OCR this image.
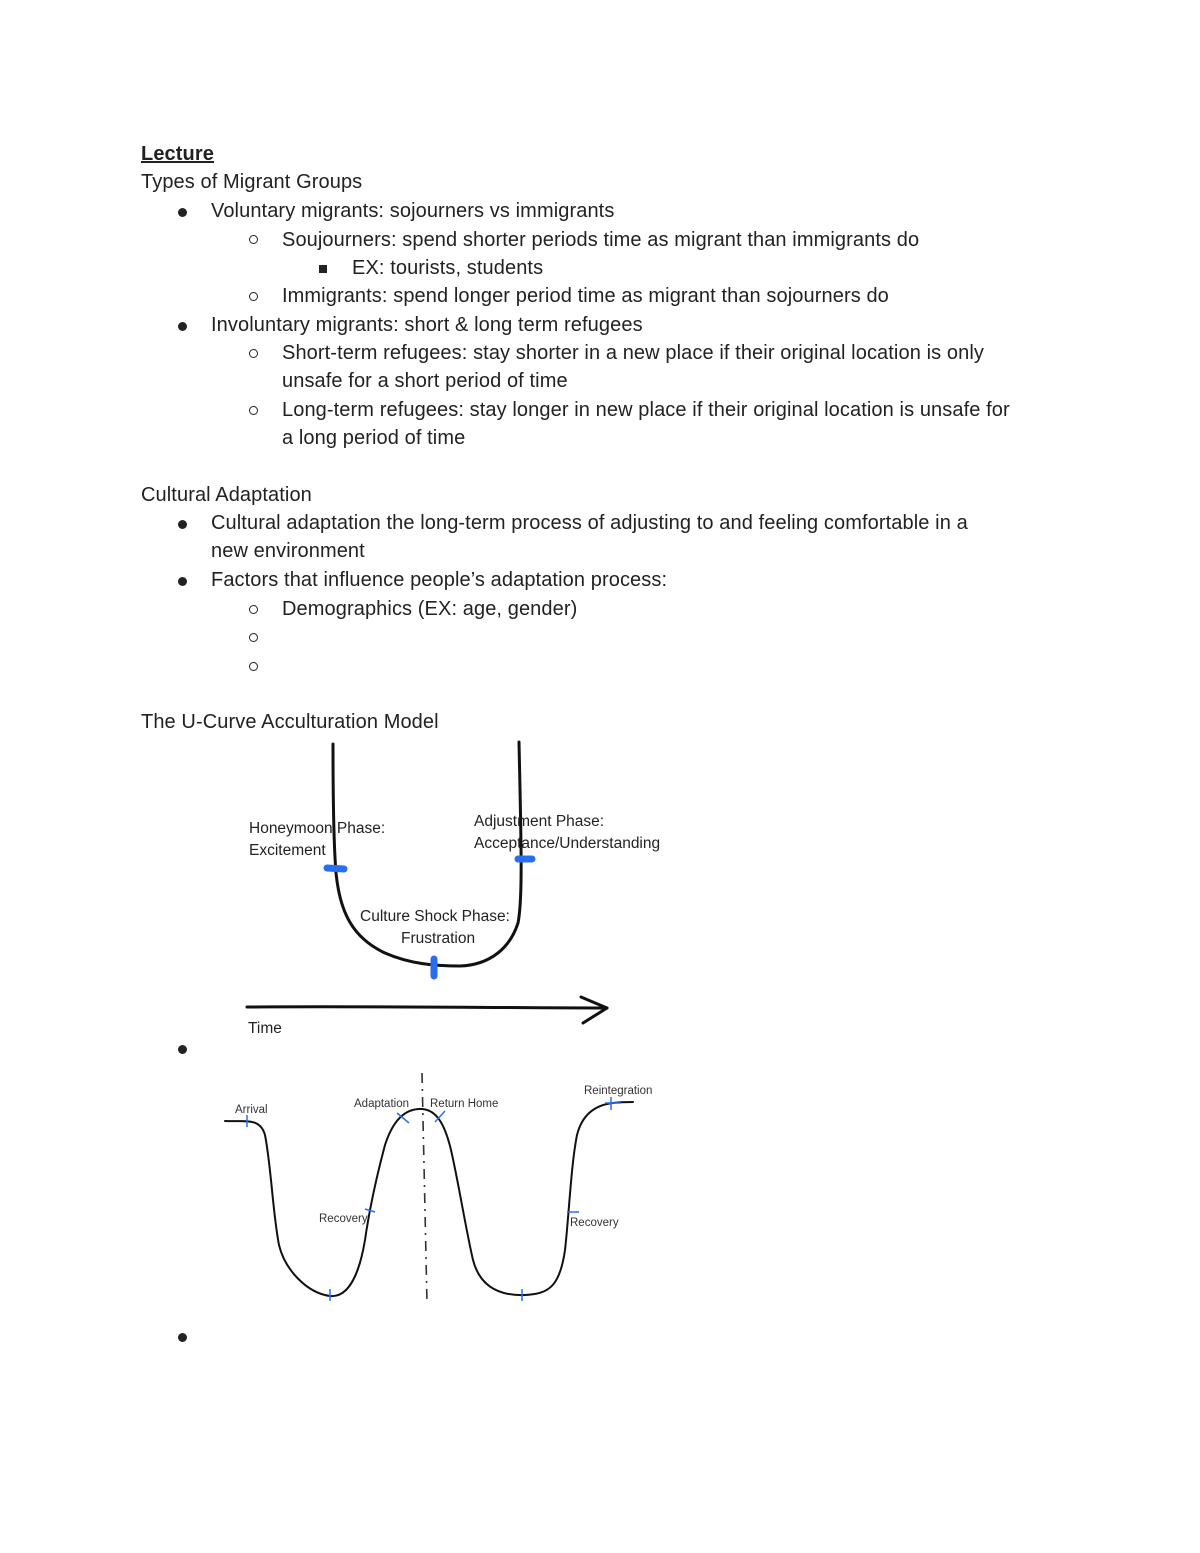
Lecture
Types of Migrant Groups
Voluntary migrants: sojourners vs immigrants
Soujourners: spend shorter periods time as migrant than immigrants do
EX: tourists, students
Immigrants: spend longer period time as migrant than sojourners do
Involuntary migrants: short & long term refugees
Short-term refugees: stay shorter in a new place if their original location is only
unsafe for a short period of time
Long-term refugees: stay longer in new place if their original location is unsafe for
a long period of time
Cultural Adaptation
Cultural adaptation the long-term process of adjusting to and feeling comfortable in a
new environment
Factors that influence people’s adaptation process:
Demographics (EX: age, gender)
The U-Curve Acculturation Model
Honeymoon Phase:
Excitement
Adjustment Phase:
Acceptance/Understanding
Culture Shock Phase:
Frustration
Time
Arrival	Adaptation Return Home
Reintegration
Recovery	Recovery
